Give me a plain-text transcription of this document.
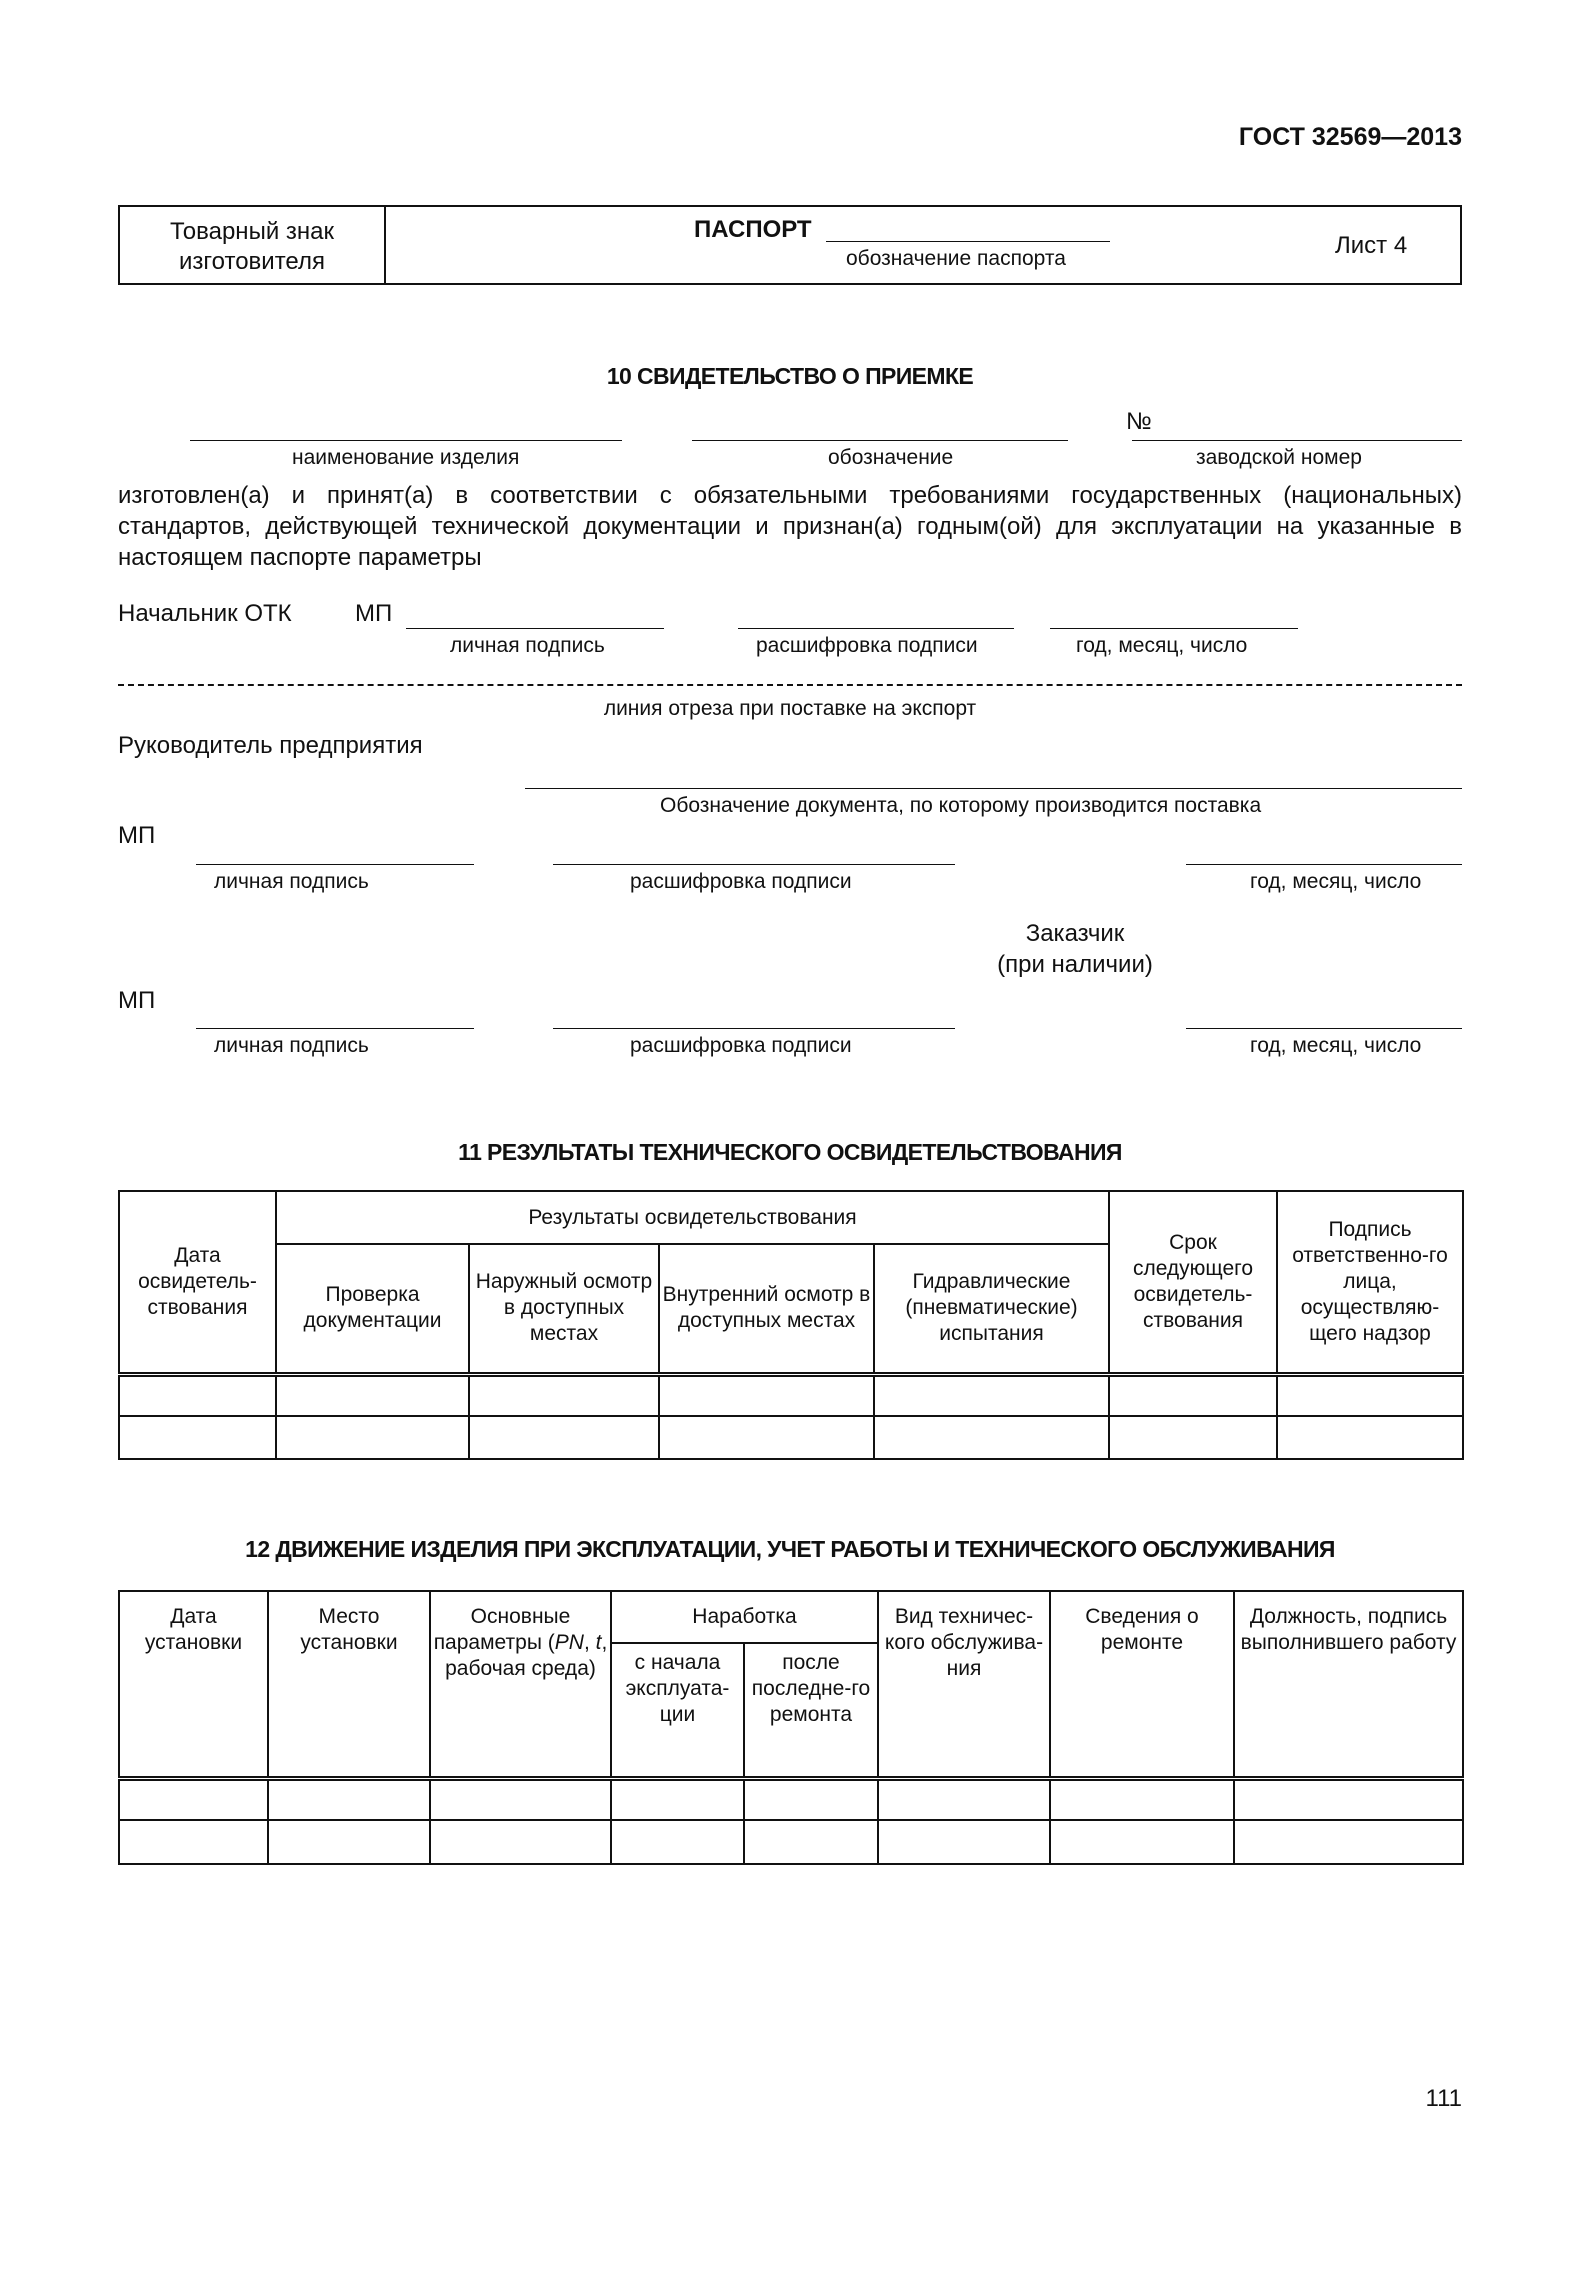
ГОСТ 32569—2013
Товарный знак
изготовителя
ПАСПОРТ
обозначение паспорта	Лист 4
10 СВИДЕТЕЛЬСТВО О ПРИЕМКЕ
№
наименование изделия	обозначение	заводской номер
изготовлен(а) и принят(а) в соответствии с обязательными требованиями государственных (национальных) стандартов, действующей технической документации и признан(а) годным(ой) для эксплуатации на указанные в настоящем паспорте параметры
Начальник ОТК	МП
личная подпись	расшифровка подписи	год, месяц, число
линия отреза при поставке на экспорт
Руководитель предприятия
Обозначение документа, по которому производится поставка
МП
личная подпись	расшифровка подписи	год, месяц, число
Заказчик
(при наличии)
МП
личная подпись	расшифровка подписи	год, месяц, число
11 РЕЗУЛЬТАТЫ ТЕХНИЧЕСКОГО ОСВИДЕТЕЛЬСТВОВАНИЯ
Дата освидетель-ствования	Результаты освидетельствования				Срок следующего освидетель-ствования	Подпись ответственно-го лица, осуществляю-щего надзор
	Проверка документации	Наружный осмотр в доступных местах	Внутренний осмотр в доступных местах	Гидравлические (пневматические) испытания		

12 ДВИЖЕНИЕ ИЗДЕЛИЯ ПРИ ЭКСПЛУАТАЦИИ, УЧЕТ РАБОТЫ И ТЕХНИЧЕСКОГО ОБСЛУЖИВАНИЯ
Дата установки	Место установки	Основные параметры (PN, t, рабочая среда)	Наработка		Вид техничес-кого обслужива-ния	Сведения о ремонте	Должность, подпись выполнившего работу
			с начала эксплуата-ции	после последне-го ремонта			

111
